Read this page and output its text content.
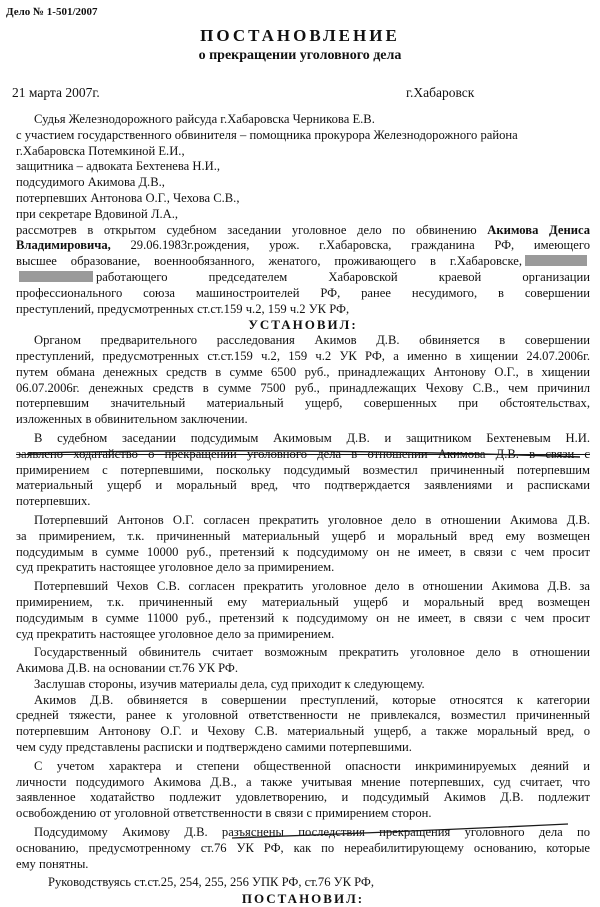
Дело № 1-501/2007
ПОСТАНОВЛЕНИЕ
о прекращении уголовного дела
21 марта 2007г.	г.Хабаровск

Судья Железнодорожного райсуда г.Хабаровска Черникова Е.В.

с участием государственного обвинителя – помощника прокурора Железнодорожного района
г.Хабаровска Потемкиной Е.И.,

защитника – адвоката Бехтенева Н.И.,

подсудимого Акимова Д.В.,

потерпевших Антонова О.Г., Чехова С.В.,

при секретаре Вдовиной Л.А.,

рассмотрев в открытом судебном заседании уголовное дело по обвинению Акимова Дениса

Владимировича, 29.06.1983г.рождения, урож. г.Хабаровска, гражданина РФ, имеющего

высшее образование, военнообязанного, женатого, проживающего в г.Хабаровске,

работающего председателем Хабаровской краевой организации

профессионального союза машиностроителей РФ, ранее несудимого, в совершении

преступлений, предусмотренных ст.ст.159 ч.2, 159 ч.2 УК РФ,

УСТАНОВИЛ:

Органом предварительного расследования Акимов Д.В. обвиняется в совершении

преступлений, предусмотренных ст.ст.159 ч.2, 159 ч.2 УК РФ, а именно в хищении 24.07.2006г.

путем обмана денежных средств в сумме 6500 руб., принадлежащих Антонову О.Г., в хищении

06.07.2006г. денежных средств в сумме 7500 руб., принадлежащих Чехову С.В., чем причинил

потерпевшим значительный материальный ущерб, совершенных при обстоятельствах,

изложенных в обвинительном заключении.

В судебном заседании подсудимым Акимовым Д.В. и защитником Бехтеневым Н.И.

заявлено ходатайство о прекращении уголовного дела в отношении Акимова Д.В. в связи с

примирением с потерпевшими, поскольку подсудимый возместил причиненный потерпевшим

материальный ущерб и моральный вред, что подтверждается заявлениями и расписками

потерпевших.

Потерпевший Антонов О.Г. согласен прекратить уголовное дело в отношении Акимова Д.В.

за примирением, т.к. причиненный материальный ущерб и моральный вред ему возмещен

подсудимым в сумме 10000 руб., претензий к подсудимому он не имеет, в связи с чем просит

суд прекратить настоящее уголовное дело за примирением.

Потерпевший Чехов С.В. согласен прекратить уголовное дело в отношении Акимова Д.В. за

примирением, т.к. причиненный ему материальный ущерб и моральный вред возмещен

подсудимым в сумме 11000 руб., претензий к подсудимому он не имеет, в связи с чем просит

суд прекратить настоящее уголовное дело за примирением.

Государственный обвинитель считает возможным прекратить уголовное дело в отношении

Акимова Д.В. на основании ст.76 УК РФ.

Заслушав стороны, изучив материалы дела, суд приходит к следующему.

Акимов Д.В. обвиняется в совершении преступлений, которые относятся к категории

средней тяжести, ранее к уголовной ответственности не привлекался, возместил причиненный

потерпевшим Антонову О.Г. и Чехову С.В. материальный ущерб, а также моральный вред, о

чем суду представлены расписки и подтверждено самими потерпевшими.

С учетом характера и степени общественной опасности инкриминируемых деяний и

личности подсудимого Акимова Д.В., а также учитывая мнение потерпевших, суд считает, что

заявленное ходатайство подлежит удовлетворению, и подсудимый Акимов Д.В. подлежит

освобождению от уголовной ответственности в связи с примирением сторон.

Подсудимому Акимову Д.В. разъяснены последствия прекращения уголовного дела по

основанию, предусмотренному ст.76 УК РФ, как по нереабилитирующему основанию, которые

ему понятны.

Руководствуясь ст.ст.25, 254, 255, 256 УПК РФ, ст.76 УК РФ,

ПОСТАНОВИЛ:
